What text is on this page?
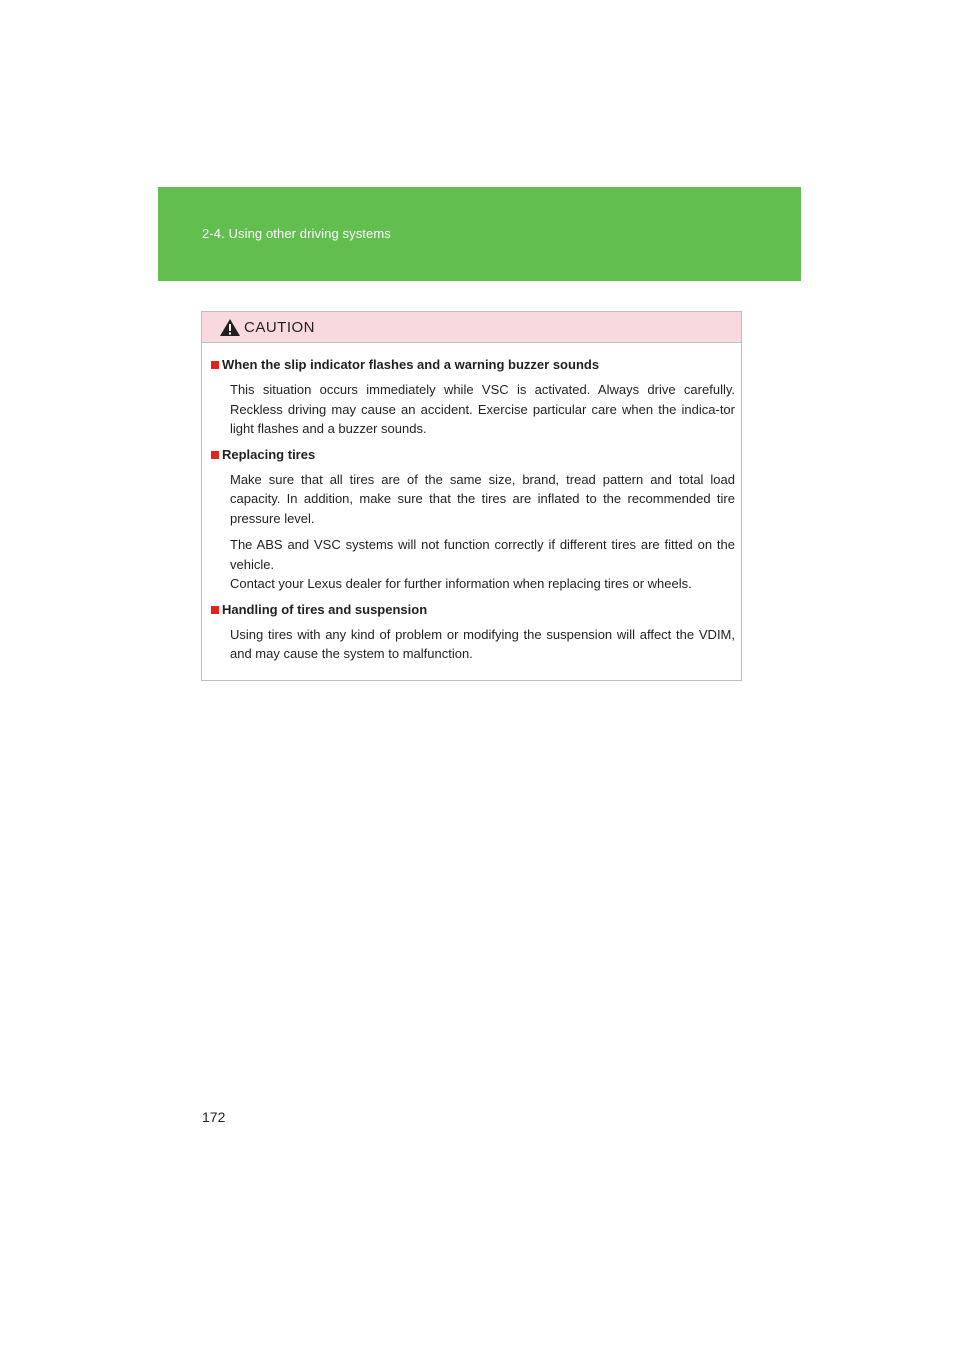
2-4. Using other driving systems
CAUTION
When the slip indicator flashes and a warning buzzer sounds

This situation occurs immediately while VSC is activated. Always drive carefully. Reckless driving may cause an accident. Exercise particular care when the indica-tor light flashes and a buzzer sounds.

Replacing tires

Make sure that all tires are of the same size, brand, tread pattern and total load capacity. In addition, make sure that the tires are inflated to the recommended tire pressure level.

The ABS and VSC systems will not function correctly if different tires are fitted on the vehicle.

Contact your Lexus dealer for further information when replacing tires or wheels.

Handling of tires and suspension

Using tires with any kind of problem or modifying the suspension will affect the VDIM, and may cause the system to malfunction.

172
